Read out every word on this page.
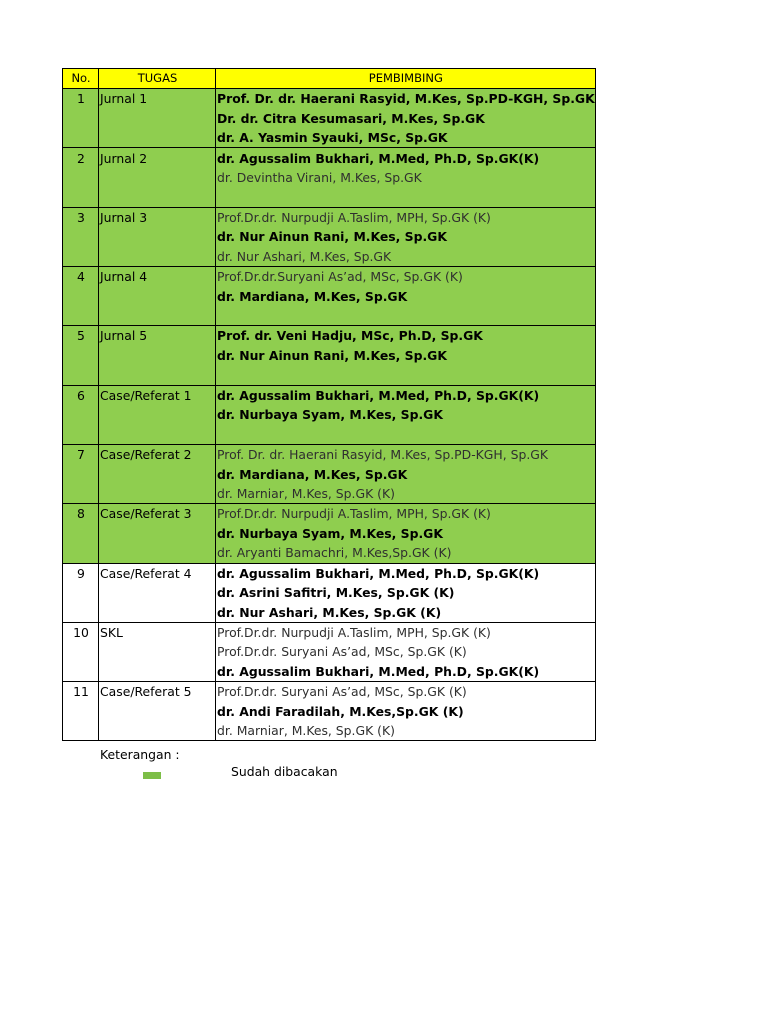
No.	TUGAS	PEMBIMBING
1	Jurnal 1	Prof. Dr. dr. Haerani Rasyid, M.Kes, Sp.PD-KGH, Sp.GK
		Dr. dr. Citra Kesumasari, M.Kes, Sp.GK
		dr. A. Yasmin Syauki, MSc, Sp.GK
2	Jurnal 2	dr. Agussalim Bukhari, M.Med, Ph.D, Sp.GK(K)
		dr. Devintha Virani, M.Kes, Sp.GK

3	Jurnal 3	Prof.Dr.dr. Nurpudji A.Taslim, MPH, Sp.GK (K)
		dr. Nur Ainun Rani, M.Kes, Sp.GK
		dr. Nur Ashari, M.Kes, Sp.GK
4	Jurnal 4	Prof.Dr.dr.Suryani As’ad, MSc, Sp.GK (K)
		dr. Mardiana, M.Kes, Sp.GK

5	Jurnal 5	Prof. dr. Veni Hadju, MSc, Ph.D, Sp.GK
		dr. Nur Ainun Rani, M.Kes, Sp.GK

6	Case/Referat 1	dr. Agussalim Bukhari, M.Med, Ph.D, Sp.GK(K)
		dr. Nurbaya Syam, M.Kes, Sp.GK

7	Case/Referat 2	Prof. Dr. dr. Haerani Rasyid, M.Kes, Sp.PD-KGH, Sp.GK
		dr. Mardiana, M.Kes, Sp.GK
		dr. Marniar, M.Kes, Sp.GK (K)
8	Case/Referat 3	Prof.Dr.dr. Nurpudji A.Taslim, MPH, Sp.GK (K)
		dr. Nurbaya Syam, M.Kes, Sp.GK
		dr. Aryanti Bamachri, M.Kes,Sp.GK (K)
9	Case/Referat 4	dr. Agussalim Bukhari, M.Med, Ph.D, Sp.GK(K)
		dr. Asrini Safitri, M.Kes, Sp.GK (K)
		dr. Nur Ashari, M.Kes, Sp.GK (K)
10	SKL	Prof.Dr.dr. Nurpudji A.Taslim, MPH, Sp.GK (K)
		Prof.Dr.dr. Suryani As’ad, MSc, Sp.GK (K)
		dr. Agussalim Bukhari, M.Med, Ph.D, Sp.GK(K)
11	Case/Referat 5	Prof.Dr.dr. Suryani As’ad, MSc, Sp.GK (K)
		dr. Andi Faradilah, M.Kes,Sp.GK (K)
		dr. Marniar, M.Kes, Sp.GK (K)
Keterangan :
Sudah dibacakan
